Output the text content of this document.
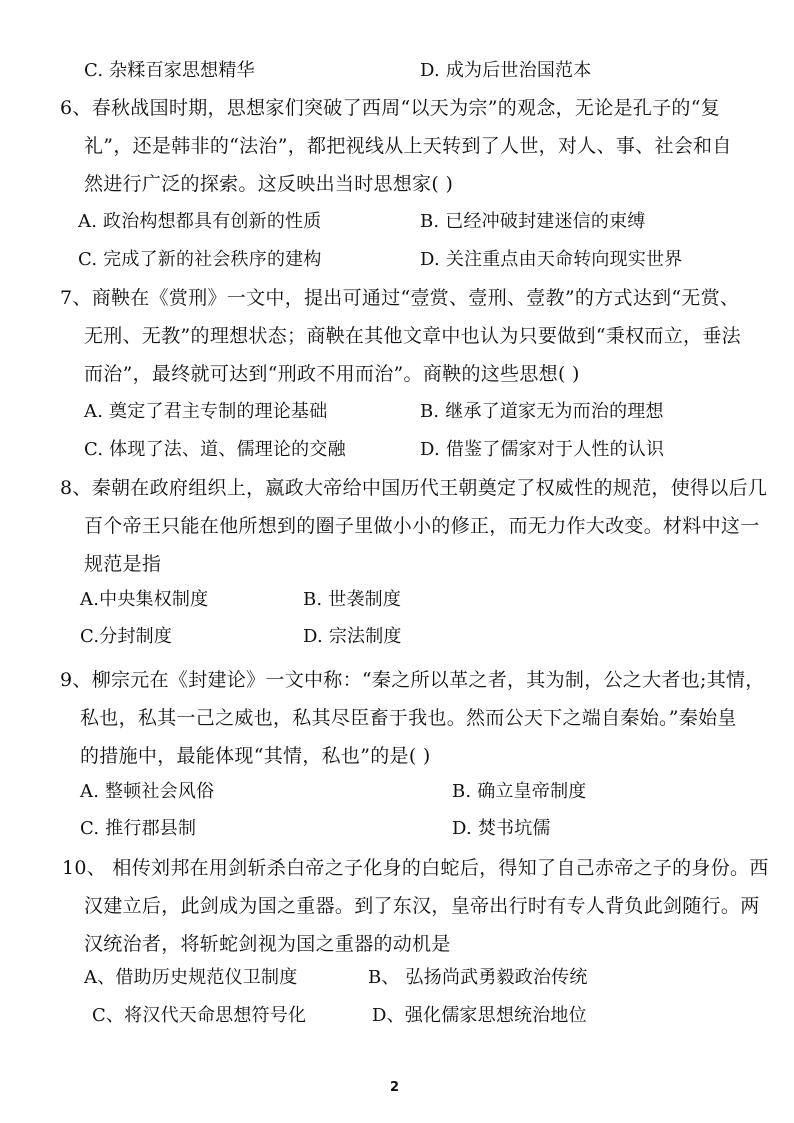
C. 杂糅百家思想精华	D. 成为后世治国范本
6、春秋战国时期，思想家们突破了西周“以天为宗”的观念，无论是孔子的“复
礼”，还是韩非的“法治”，都把视线从上天转到了人世，对人、事、社会和自
然进行广泛的探索。这反映出当时思想家( )
A. 政治构想都具有创新的性质	B. 已经冲破封建迷信的束缚
C. 完成了新的社会秩序的建构	D. 关注重点由天命转向现实世界
7、商鞅在《赏刑》一文中，提出可通过“壹赏、壹刑、壹教”的方式达到“无赏、
无刑、无教”的理想状态；商鞅在其他文章中也认为只要做到“秉权而立，垂法
而治”，最终就可达到“刑政不用而治”。商鞅的这些思想( )
A. 奠定了君主专制的理论基础	B. 继承了道家无为而治的理想
C. 体现了法、道、儒理论的交融	D. 借鉴了儒家对于人性的认识
8、秦朝在政府组织上，嬴政大帝给中国历代王朝奠定了权威性的规范，使得以后几
百个帝王只能在他所想到的圈子里做小小的修正，而无力作大改变。材料中这一
规范是指
A.中央集权制度	B. 世袭制度
C.分封制度	D. 宗法制度
9、柳宗元在《封建论》一文中称：“秦之所以革之者，其为制，公之大者也;其情，
私也，私其一己之威也，私其尽臣畜于我也。然而公天下之端自秦始。”秦始皇
的措施中，最能体现“其情，私也”的是( )
A. 整顿社会风俗	B. 确立皇帝制度
C. 推行郡县制	D. 焚书坑儒
10、 相传刘邦在用剑斩杀白帝之子化身的白蛇后，得知了自己赤帝之子的身份。西
汉建立后，此剑成为国之重器。到了东汉，皇帝出行时有专人背负此剑随行。两
汉统治者，将斩蛇剑视为国之重器的动机是
A、借助历史规范仪卫制度	B、 弘扬尚武勇毅政治传统
C、将汉代天命思想符号化	D、强化儒家思想统治地位
2
